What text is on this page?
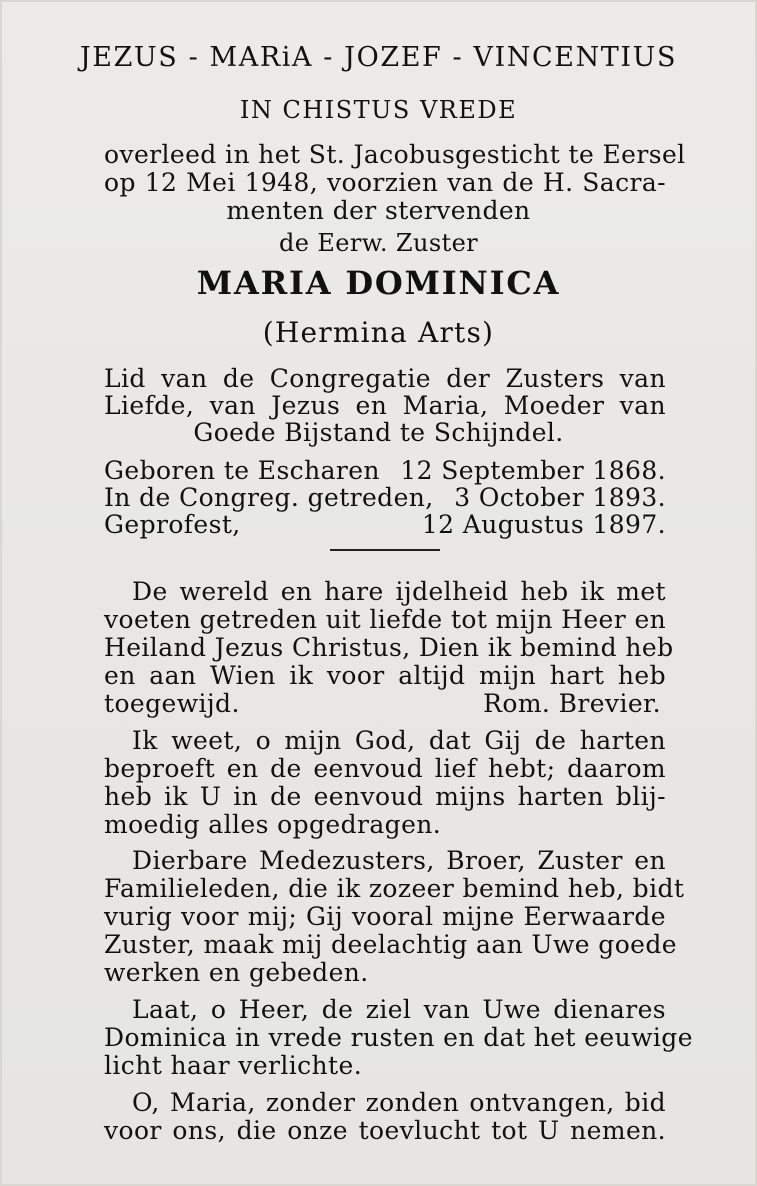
JEZUS - MARiA - JOZEF - VINCENTIUS
IN CHISTUS VREDE
overleed in het St. Jacobusgesticht te Eersel
op 12 Mei 1948, voorzien van de H. Sacra-
menten der stervenden
de Eerw. Zuster
MARIA DOMINICA
(Hermina Arts)
Lid van de Congregatie der Zusters van
Liefde, van Jezus en Maria, Moeder van
Goede Bijstand te Schijndel.
Geboren te Escharen 12 September 1868.
In de Congreg. getreden, 3 October 1893.
Geprofest,	12 Augustus 1897.
De wereld en hare ijdelheid heb ik met
voeten getreden uit liefde tot mijn Heer en
Heiland Jezus Christus, Dien ik bemind heb
en aan Wien ik voor altijd mijn hart heb
toegewijd.	Rom. Brevier.
Ik weet, o mijn God, dat Gij de harten
beproeft en de eenvoud lief hebt; daarom
heb ik U in de eenvoud mijns harten blij-
moedig alles opgedragen.
Dierbare Medezusters, Broer, Zuster en
Familieleden, die ik zozeer bemind heb, bidt
vurig voor mij; Gij vooral mijne Eerwaarde
Zuster, maak mij deelachtig aan Uwe goede
werken en gebeden.
Laat, o Heer, de ziel van Uwe dienares
Dominica in vrede rusten en dat het eeuwige
licht haar verlichte.
O, Maria, zonder zonden ontvangen, bid
voor ons, die onze toevlucht tot U nemen.
